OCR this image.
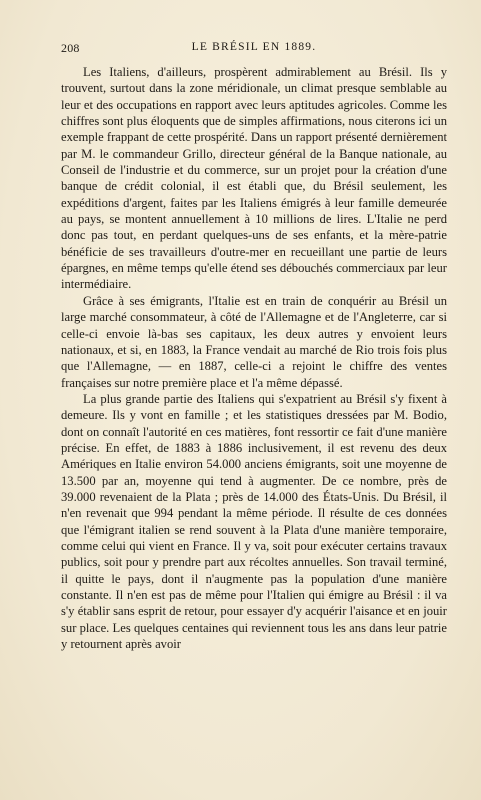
208	LE BRÉSIL EN 1889.

Les Italiens, d'ailleurs, prospèrent admirablement au Brésil. Ils y trouvent, surtout dans la zone méridionale, un climat presque semblable au leur et des occupations en rapport avec leurs aptitudes agricoles. Comme les chiffres sont plus éloquents que de simples affirmations, nous citerons ici un exemple frappant de cette prospérité. Dans un rapport présenté dernièrement par M. le commandeur Grillo, directeur général de la Banque nationale, au Conseil de l'industrie et du commerce, sur un projet pour la création d'une banque de crédit colonial, il est établi que, du Brésil seulement, les expéditions d'argent, faites par les Italiens émigrés à leur famille demeurée au pays, se montent annuellement à 10 millions de lires. L'Italie ne perd donc pas tout, en perdant quelques-uns de ses enfants, et la mère-patrie bénéficie de ses travailleurs d'outre-mer en recueillant une partie de leurs épargnes, en même temps qu'elle étend ses débouchés commerciaux par leur intermédiaire.

Grâce à ses émigrants, l'Italie est en train de conquérir au Brésil un large marché consommateur, à côté de l'Allemagne et de l'Angleterre, car si celle-ci envoie là-bas ses capitaux, les deux autres y envoient leurs nationaux, et si, en 1883, la France vendait au marché de Rio trois fois plus que l'Allemagne, — en 1887, celle-ci a rejoint le chiffre des ventes françaises sur notre première place et l'a même dépassé.

La plus grande partie des Italiens qui s'expatrient au Brésil s'y fixent à demeure. Ils y vont en famille ; et les statistiques dressées par M. Bodio, dont on connaît l'autorité en ces matières, font ressortir ce fait d'une manière précise. En effet, de 1883 à 1886 inclusivement, il est revenu des deux Amériques en Italie environ 54.000 anciens émigrants, soit une moyenne de 13.500 par an, moyenne qui tend à augmenter. De ce nombre, près de 39.000 revenaient de la Plata ; près de 14.000 des États-Unis. Du Brésil, il n'en revenait que 994 pendant la même période. Il résulte de ces données que l'émigrant italien se rend souvent à la Plata d'une manière temporaire, comme celui qui vient en France. Il y va, soit pour exécuter certains travaux publics, soit pour y prendre part aux récoltes annuelles. Son travail terminé, il quitte le pays, dont il n'augmente pas la population d'une manière constante. Il n'en est pas de même pour l'Italien qui émigre au Brésil : il va s'y établir sans esprit de retour, pour essayer d'y acquérir l'aisance et en jouir sur place. Les quelques centaines qui reviennent tous les ans dans leur patrie y retournent après avoir
